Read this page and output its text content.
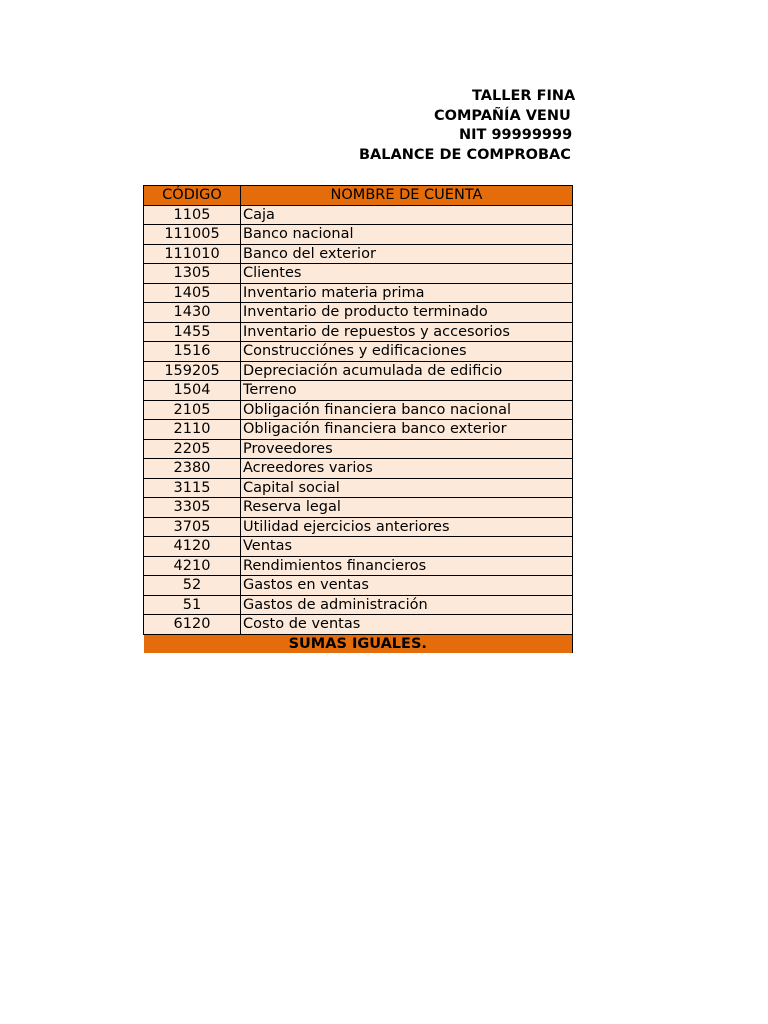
TALLER FINA
COMPAÑÍA VENU
NIT 99999999
BALANCE DE COMPROBAC
CÓDIGO	NOMBRE DE CUENTA
1105	Caja
111005	Banco nacional
111010	Banco del exterior
1305	Clientes
1405	Inventario materia prima
1430	Inventario de producto terminado
1455	Inventario de repuestos y accesorios
1516	Construcciónes y edificaciones
159205	Depreciación acumulada de edificio
1504	Terreno
2105	Obligación financiera banco nacional
2110	Obligación financiera banco exterior
2205	Proveedores
2380	Acreedores varios
3115	Capital social
3305	Reserva legal
3705	Utilidad ejercicios anteriores
4120	Ventas
4210	Rendimientos financieros
52	Gastos en ventas
51	Gastos de administración
6120	Costo de ventas
SUMAS IGUALES.	
